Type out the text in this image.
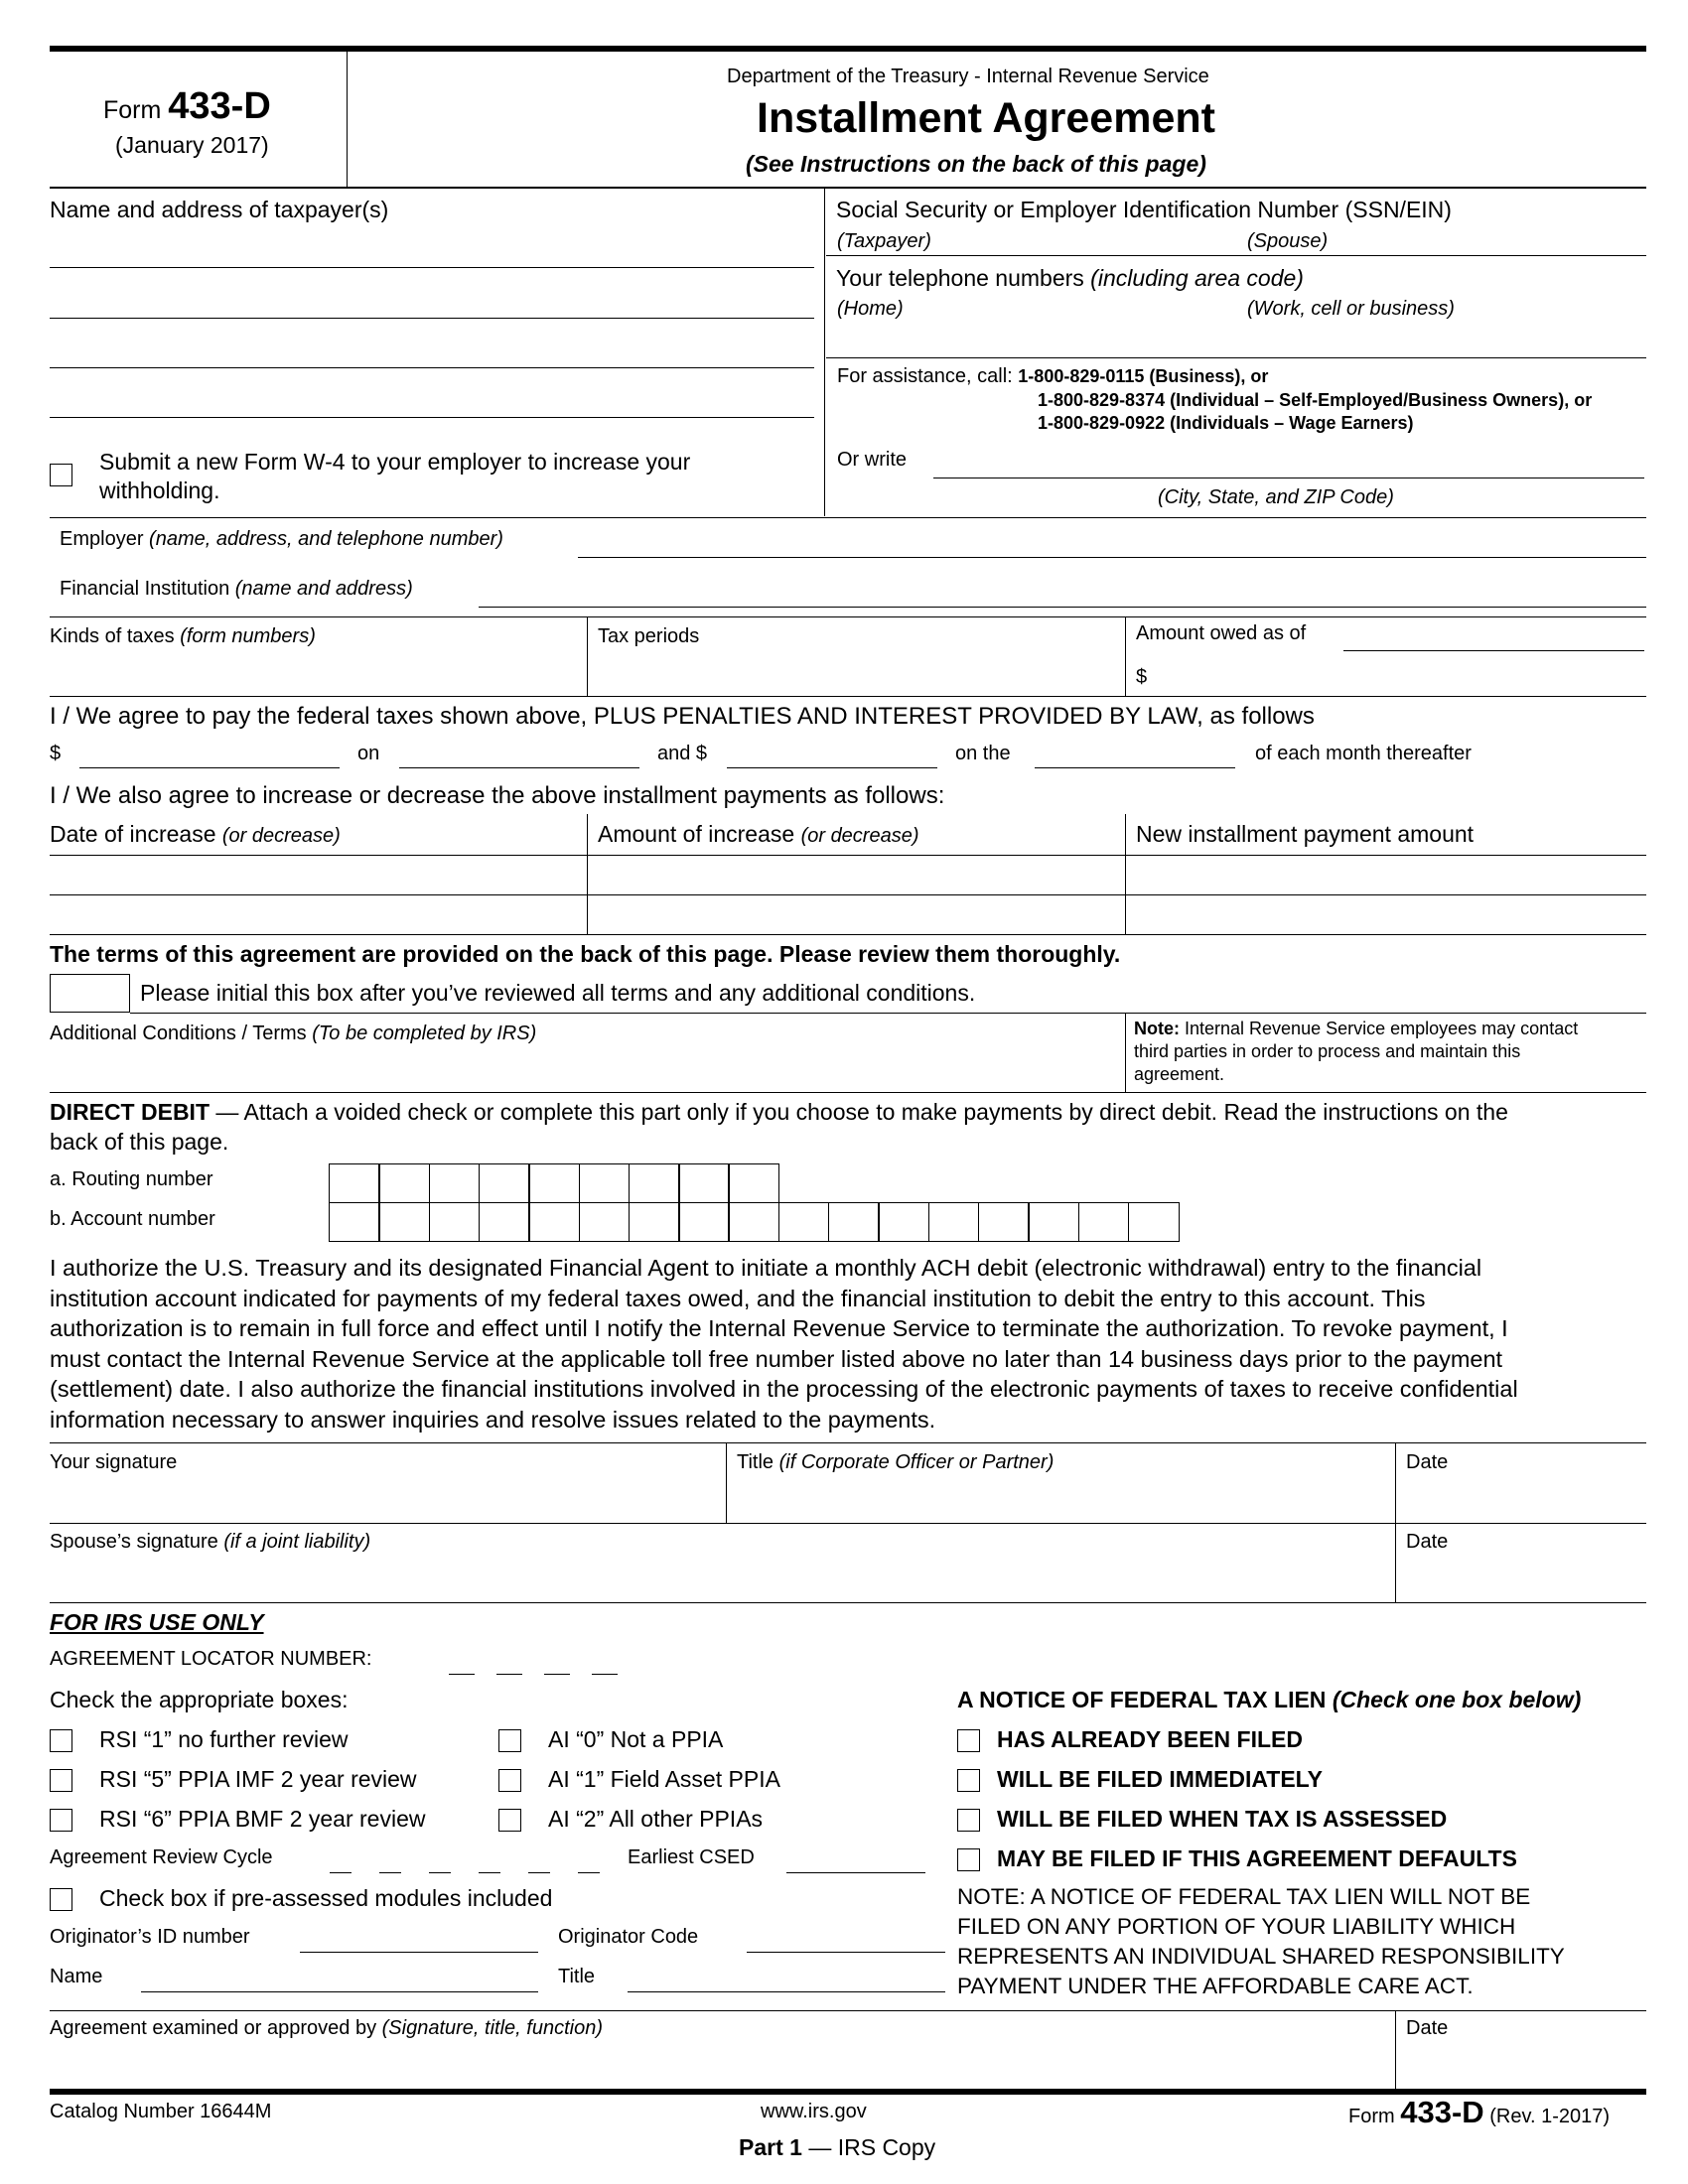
Form 433-D
(January 2017)
Department of the Treasury - Internal Revenue Service
Installment Agreement
(See Instructions on the back of this page)
Name and address of taxpayer(s)
Submit a new Form W-4 to your employer to increase your
withholding.
Social Security or Employer Identification Number (SSN/EIN)
(Taxpayer)	(Spouse)
Your telephone numbers (including area code)
(Home)	(Work, cell or business)
For assistance, call: 1-800-829-0115 (Business), or
1-800-829-8374 (Individual – Self-Employed/Business Owners), or
1-800-829-0922 (Individuals – Wage Earners)
Or write
(City, State, and ZIP Code)
Employer (name, address, and telephone number)
Financial Institution (name and address)
Kinds of taxes (form numbers)	Tax periods	Amount owed as of
$
I / We agree to pay the federal taxes shown above, PLUS PENALTIES AND INTEREST PROVIDED BY LAW, as follows
$	on	and $	on the	of each month thereafter
I / We also agree to increase or decrease the above installment payments as follows:
Date of increase (or decrease)	Amount of increase (or decrease)	New installment payment amount
The terms of this agreement are provided on the back of this page. Please review them thoroughly.
Please initial this box after you’ve reviewed all terms and any additional conditions.
Additional Conditions / Terms (To be completed by IRS)	Note: Internal Revenue Service employees may contact
third parties in order to process and maintain this
agreement.
DIRECT DEBIT — Attach a voided check or complete this part only if you choose to make payments by direct debit. Read the instructions on the
back of this page.
a. Routing number
b. Account number
I authorize the U.S. Treasury and its designated Financial Agent to initiate a monthly ACH debit (electronic withdrawal) entry to the financial
institution account indicated for payments of my federal taxes owed, and the financial institution to debit the entry to this account. This
authorization is to remain in full force and effect until I notify the Internal Revenue Service to terminate the authorization. To revoke payment, I
must contact the Internal Revenue Service at the applicable toll free number listed above no later than 14 business days prior to the payment
(settlement) date. I also authorize the financial institutions involved in the processing of the electronic payments of taxes to receive confidential
information necessary to answer inquiries and resolve issues related to the payments.
Your signature	Title (if Corporate Officer or Partner)	Date
Spouse’s signature (if a joint liability)	Date
FOR IRS USE ONLY
AGREEMENT LOCATOR NUMBER:
Check the appropriate boxes:
RSI “1” no further review
RSI “5” PPIA IMF 2 year review
RSI “6” PPIA BMF 2 year review
AI “0” Not a PPIA
AI “1” Field Asset PPIA
AI “2” All other PPIAs
Agreement Review Cycle	Earliest CSED
Check box if pre-assessed modules included
Originator’s ID number	Originator Code
Name	Title
A NOTICE OF FEDERAL TAX LIEN (Check one box below)
HAS ALREADY BEEN FILED
WILL BE FILED IMMEDIATELY
WILL BE FILED WHEN TAX IS ASSESSED
MAY BE FILED IF THIS AGREEMENT DEFAULTS
NOTE: A NOTICE OF FEDERAL TAX LIEN WILL NOT BE
FILED ON ANY PORTION OF YOUR LIABILITY WHICH
REPRESENTS AN INDIVIDUAL SHARED RESPONSIBILITY
PAYMENT UNDER THE AFFORDABLE CARE ACT.
Agreement examined or approved by (Signature, title, function)	Date
Catalog Number 16644M	www.irs.gov
Part 1 — IRS Copy
Form 433-D (Rev. 1-2017)
